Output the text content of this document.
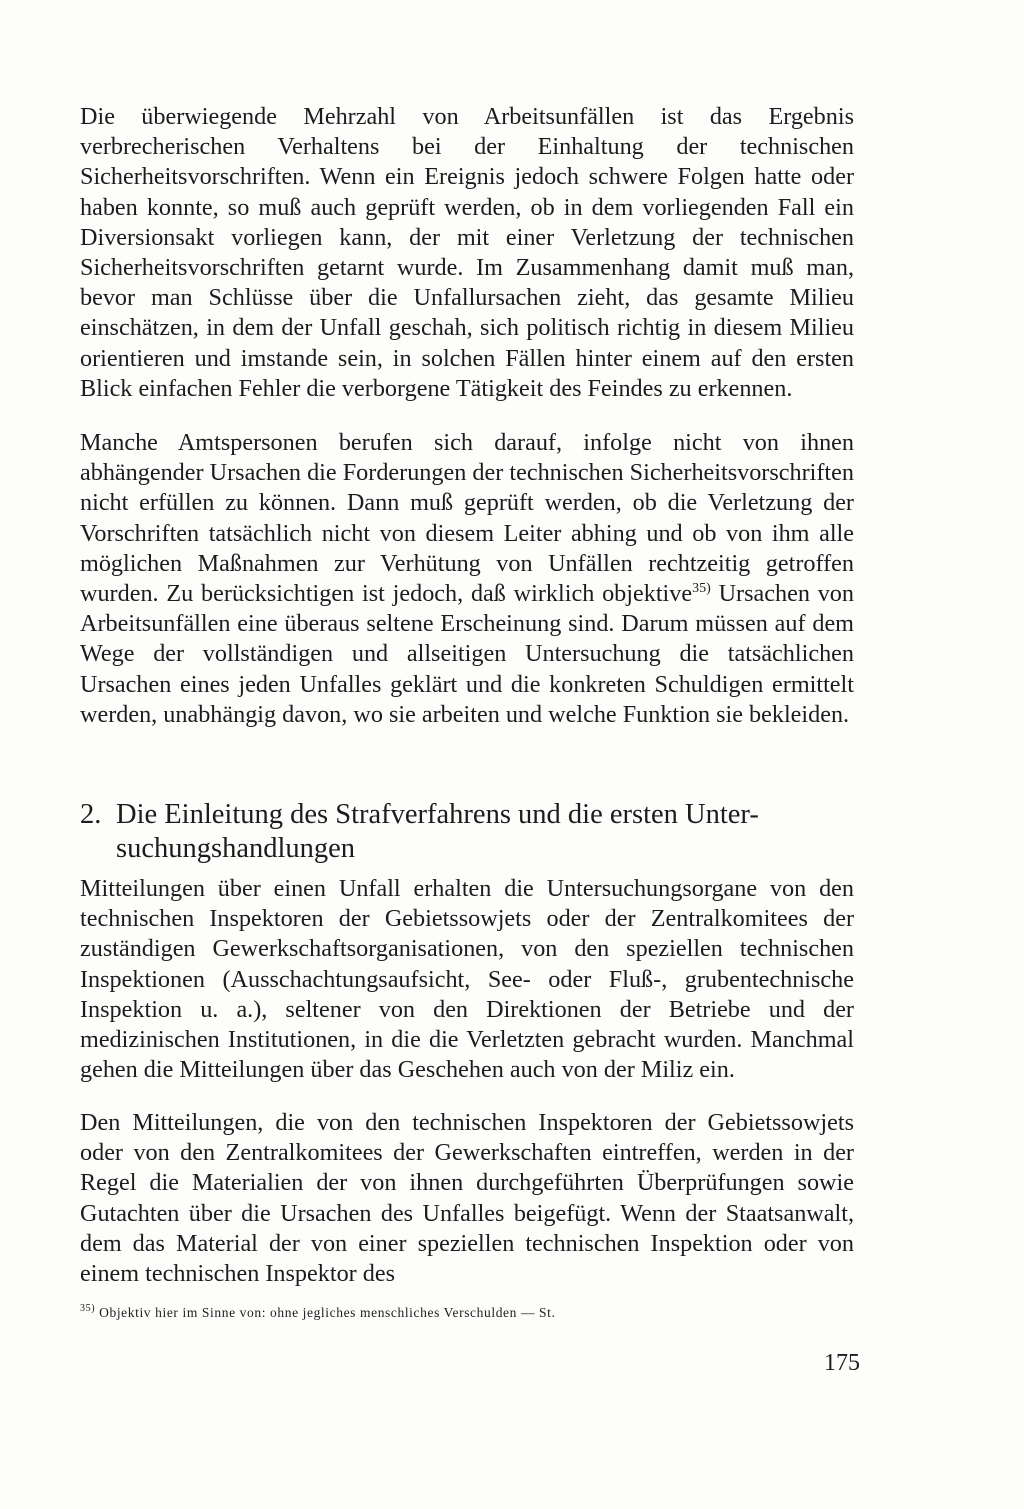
Die überwiegende Mehrzahl von Arbeitsunfällen ist das Ergebnis verbrecherischen Verhaltens bei der Einhaltung der technischen Sicherheitsvorschriften. Wenn ein Ereignis jedoch schwere Folgen hatte oder haben konnte, so muß auch geprüft werden, ob in dem vorliegenden Fall ein Diversionsakt vorliegen kann, der mit einer Verletzung der technischen Sicherheitsvorschriften getarnt wurde. Im Zusammenhang damit muß man, bevor man Schlüsse über die Unfallursachen zieht, das gesamte Milieu einschätzen, in dem der Unfall geschah, sich politisch richtig in diesem Milieu orientieren und imstande sein, in solchen Fällen hinter einem auf den ersten Blick einfachen Fehler die verborgene Tätigkeit des Feindes zu erkennen.

Manche Amtspersonen berufen sich darauf, infolge nicht von ihnen abhängender Ursachen die Forderungen der technischen Sicherheitsvorschriften nicht erfüllen zu können. Dann muß geprüft werden, ob die Verletzung der Vorschriften tatsächlich nicht von diesem Leiter abhing und ob von ihm alle möglichen Maßnahmen zur Verhütung von Unfällen rechtzeitig getroffen wurden. Zu berücksichtigen ist jedoch, daß wirklich objektive$^{35)}$ Ursachen von Arbeitsunfällen eine überaus seltene Erscheinung sind. Darum müssen auf dem Wege der vollständigen und allseitigen Untersuchung die tatsächlichen Ursachen eines jeden Unfalles geklärt und die konkreten Schuldigen ermittelt werden, unabhängig davon, wo sie arbeiten und welche Funktion sie bekleiden.

2. Die Einleitung des Strafverfahrens und die ersten Unter-
suchungshandlungen

Mitteilungen über einen Unfall erhalten die Untersuchungsorgane von den technischen Inspektoren der Gebietssowjets oder der Zentralkomitees der zuständigen Gewerkschaftsorganisationen, von den speziellen technischen Inspektionen (Ausschachtungsaufsicht, See- oder Fluß-, grubentechnische Inspektion u. a.), seltener von den Direktionen der Betriebe und der medizinischen Institutionen, in die die Verletzten gebracht wurden. Manchmal gehen die Mitteilungen über das Geschehen auch von der Miliz ein.

Den Mitteilungen, die von den technischen Inspektoren der Gebietssowjets oder von den Zentralkomitees der Gewerkschaften eintreffen, werden in der Regel die Materialien der von ihnen durchgeführten Überprüfungen sowie Gutachten über die Ursachen des Unfalles beigefügt. Wenn der Staatsanwalt, dem das Material der von einer speziellen technischen Inspektion oder von einem technischen Inspektor des

$^{35)}$ Objektiv hier im Sinne von: ohne jegliches menschliches Verschulden — St.
175
